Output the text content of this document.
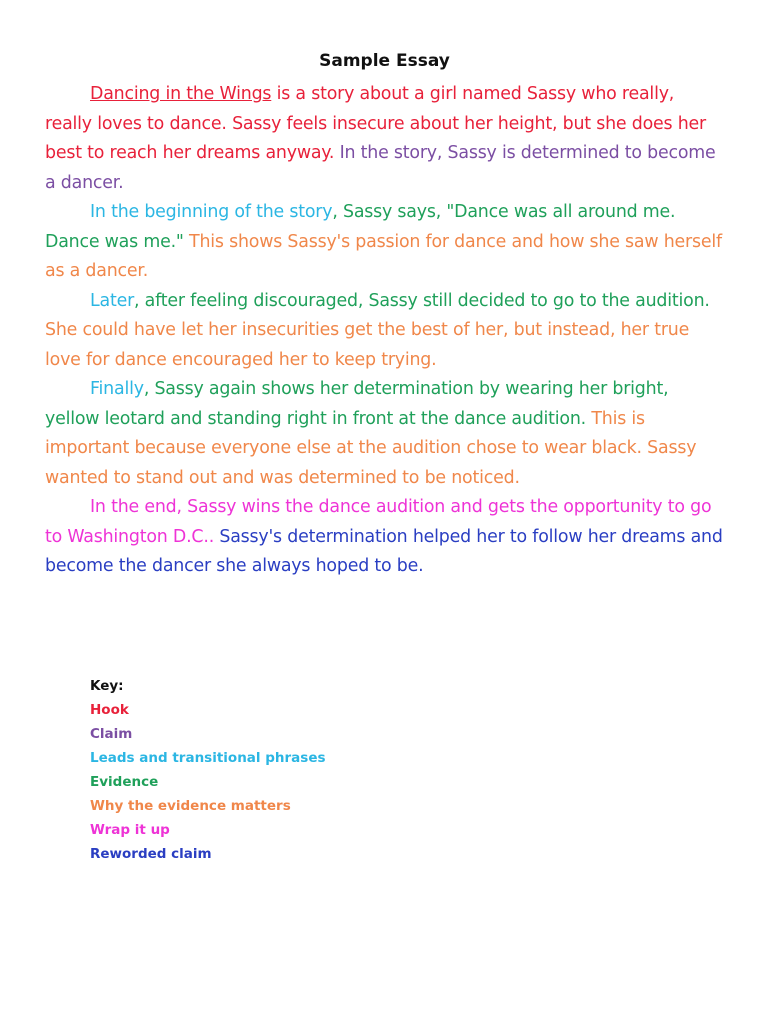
Sample Essay

Dancing in the Wings is a story about a girl named Sassy who really, really loves to dance. Sassy feels insecure about her height, but she does her best to reach her dreams anyway. In the story, Sassy is determined to become a dancer.

In the beginning of the story, Sassy says, "Dance was all around me. Dance was me." This shows Sassy's passion for dance and how she saw herself as a dancer.

Later, after feeling discouraged, Sassy still decided to go to the audition. She could have let her insecurities get the best of her, but instead, her true love for dance encouraged her to keep trying.

Finally, Sassy again shows her determination by wearing her bright, yellow leotard and standing right in front at the dance audition. This is important because everyone else at the audition chose to wear black. Sassy wanted to stand out and was determined to be noticed.

In the end, Sassy wins the dance audition and gets the opportunity to go to Washington D.C.. Sassy's determination helped her to follow her dreams and become the dancer she always hoped to be.

Key:
Hook
Claim
Leads and transitional phrases
Evidence
Why the evidence matters
Wrap it up
Reworded claim
